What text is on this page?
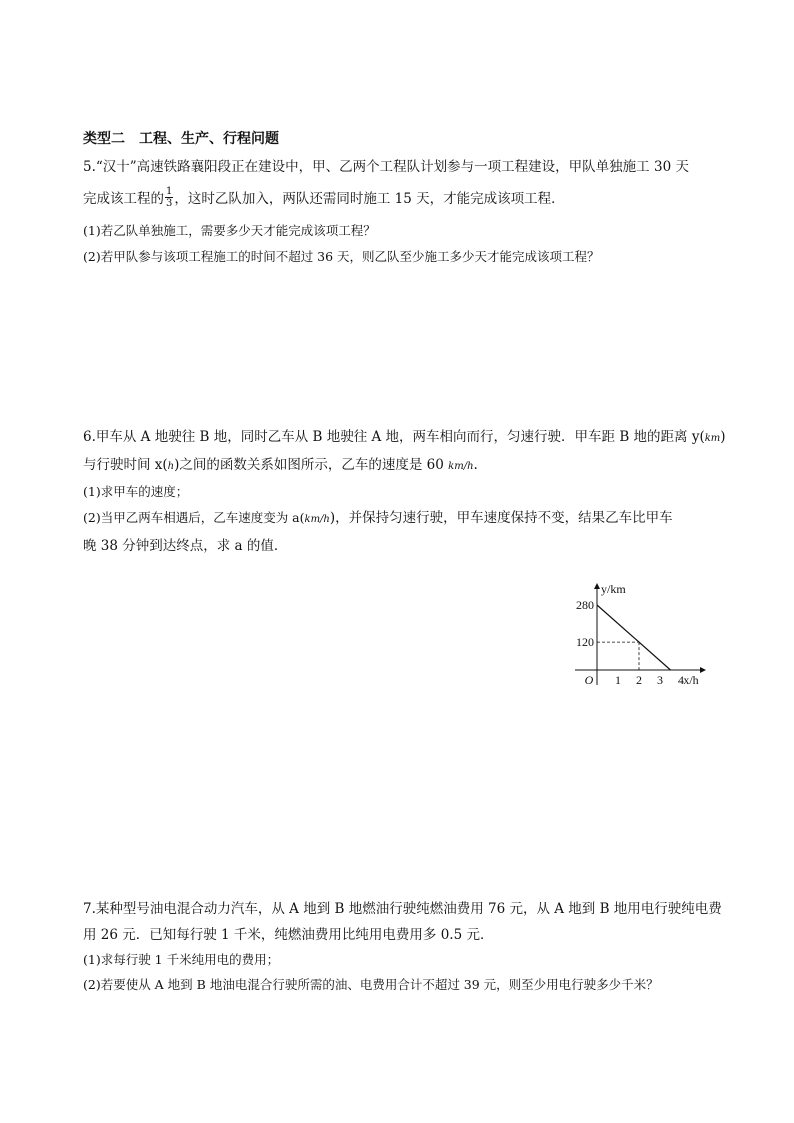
类型二　工程、生产、行程问题
5.“汉十”高速铁路襄阳段正在建设中，甲、乙两个工程队计划参与一项工程建设，甲队单独施工 30 天
完成该工程的 $\frac{1}{3}$ ，这时乙队加入，两队还需同时施工 15 天，才能完成该项工程．
(1)若乙队单独施工，需要多少天才能完成该项工程？
(2)若甲队参与该项工程施工的时间不超过 36 天，则乙队至少施工多少天才能完成该项工程？
6.甲车从 A 地驶往 B 地，同时乙车从 B 地驶往 A 地，两车相向而行，匀速行驶．甲车距 B 地的距离 y(km)
与行驶时间 x(h)之间的函数关系如图所示，乙车的速度是 60 km/h.
(1)求甲车的速度；
(2)当甲乙两车相遇后，乙车速度变为 a(km/h)，并保持匀速行驶，甲车速度保持不变，结果乙车比甲车
晚 38 分钟到达终点，求 a 的值．
280
120
1 2 3 4
O
y/km
x/h
7.某种型号油电混合动力汽车，从 A 地到 B 地燃油行驶纯燃油费用 76 元，从 A 地到 B 地用电行驶纯电费
用 26 元．已知每行驶 1 千米，纯燃油费用比纯用电费用多 0.5 元．
(1)求每行驶 1 千米纯用电的费用；
(2)若要使从 A 地到 B 地油电混合行驶所需的油、电费用合计不超过 39 元，则至少用电行驶多少千米？
